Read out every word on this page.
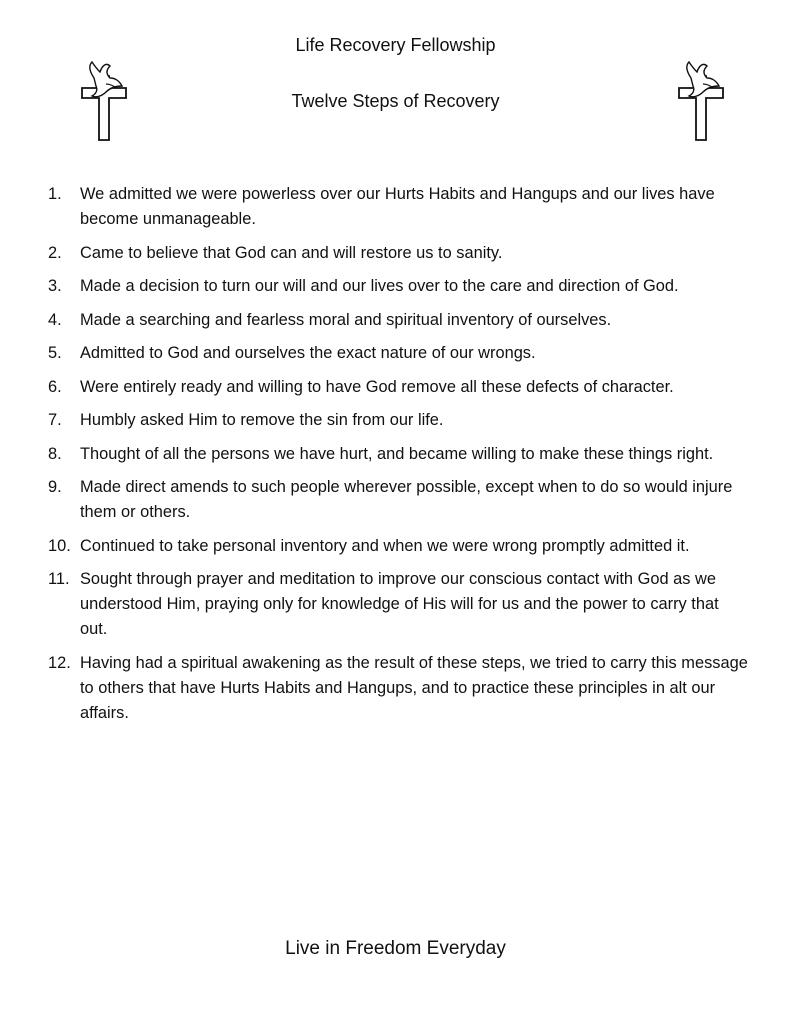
Life Recovery Fellowship
Twelve Steps of Recovery
1. We admitted we were powerless over our Hurts Habits and Hangups and our lives have become unmanageable.
2. Came to believe that God can and will restore us to sanity.
3. Made a decision to turn our will and our lives over to the care and direction of God.
4. Made a searching and fearless moral and spiritual inventory of ourselves.
5. Admitted to God and ourselves the exact nature of our wrongs.
6. Were entirely ready and willing to have God remove all these defects of character.
7. Humbly asked Him to remove the sin from our life.
8. Thought of all the persons we have hurt, and became willing to make these things right.
9. Made direct amends to such people wherever possible, except when to do so would injure them or others.
10. Continued to take personal inventory and when we were wrong promptly admitted it.
11. Sought through prayer and meditation to improve our conscious contact with God as we understood Him, praying only for knowledge of His will for us and the power to carry that out.
12. Having had a spiritual awakening as the result of these steps, we tried to carry this message to others that have Hurts Habits and Hangups, and to practice these principles in alt our affairs.
Live in Freedom Everyday
